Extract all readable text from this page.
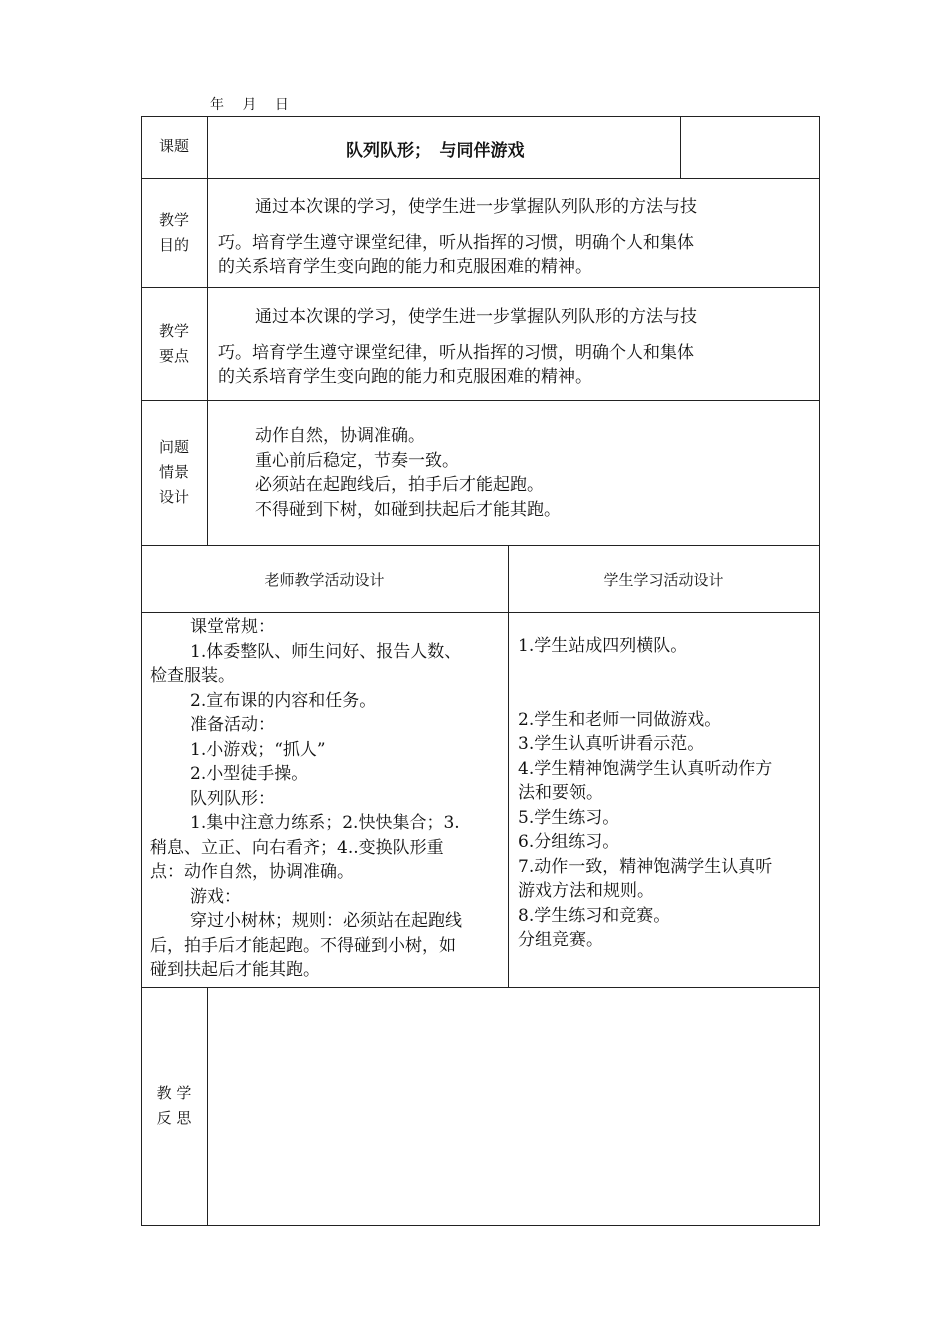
年 月 日
课题	队列队形；　与同伴游戏
教学
目的

通过本次课的学习，使学生进一步掌握队列队形的方法与技

巧。培育学生遵守课堂纪律，听从指挥的习惯，明确个人和集体

的关系培育学生变向跑的能力和克服困难的精神。

教学
要点

通过本次课的学习，使学生进一步掌握队列队形的方法与技

巧。培育学生遵守课堂纪律，听从指挥的习惯，明确个人和集体

的关系培育学生变向跑的能力和克服困难的精神。

问题
情景
设计

动作自然，协调准确。

重心前后稳定，节奏一致。

必须站在起跑线后，拍手后才能起跑。

不得碰到下树，如碰到扶起后才能其跑。

老师教学活动设计	学生学习活动设计

课堂常规：

1.体委整队、师生问好、报告人数、

检查服装。

2.宣布课的内容和任务。

准备活动：

1.小游戏；“抓人”

2.小型徒手操。

队列队形：

1.集中注意力练系；2.快快集合；3.

稍息、立正、向右看齐；4..变换队形重

点：动作自然，协调准确。

游戏：

穿过小树林；规则：必须站在起跑线

后，拍手后才能起跑。不得碰到小树，如

碰到扶起后才能其跑。

1.学生站成四列横队。

2.学生和老师一同做游戏。

3.学生认真听讲看示范。

4.学生精神饱满学生认真听动作方

法和要领。

5.学生练习。

6.分组练习。

7.动作一致，精神饱满学生认真听

游戏方法和规则。

8.学生练习和竞赛。

分组竞赛。

教 学
反 思
